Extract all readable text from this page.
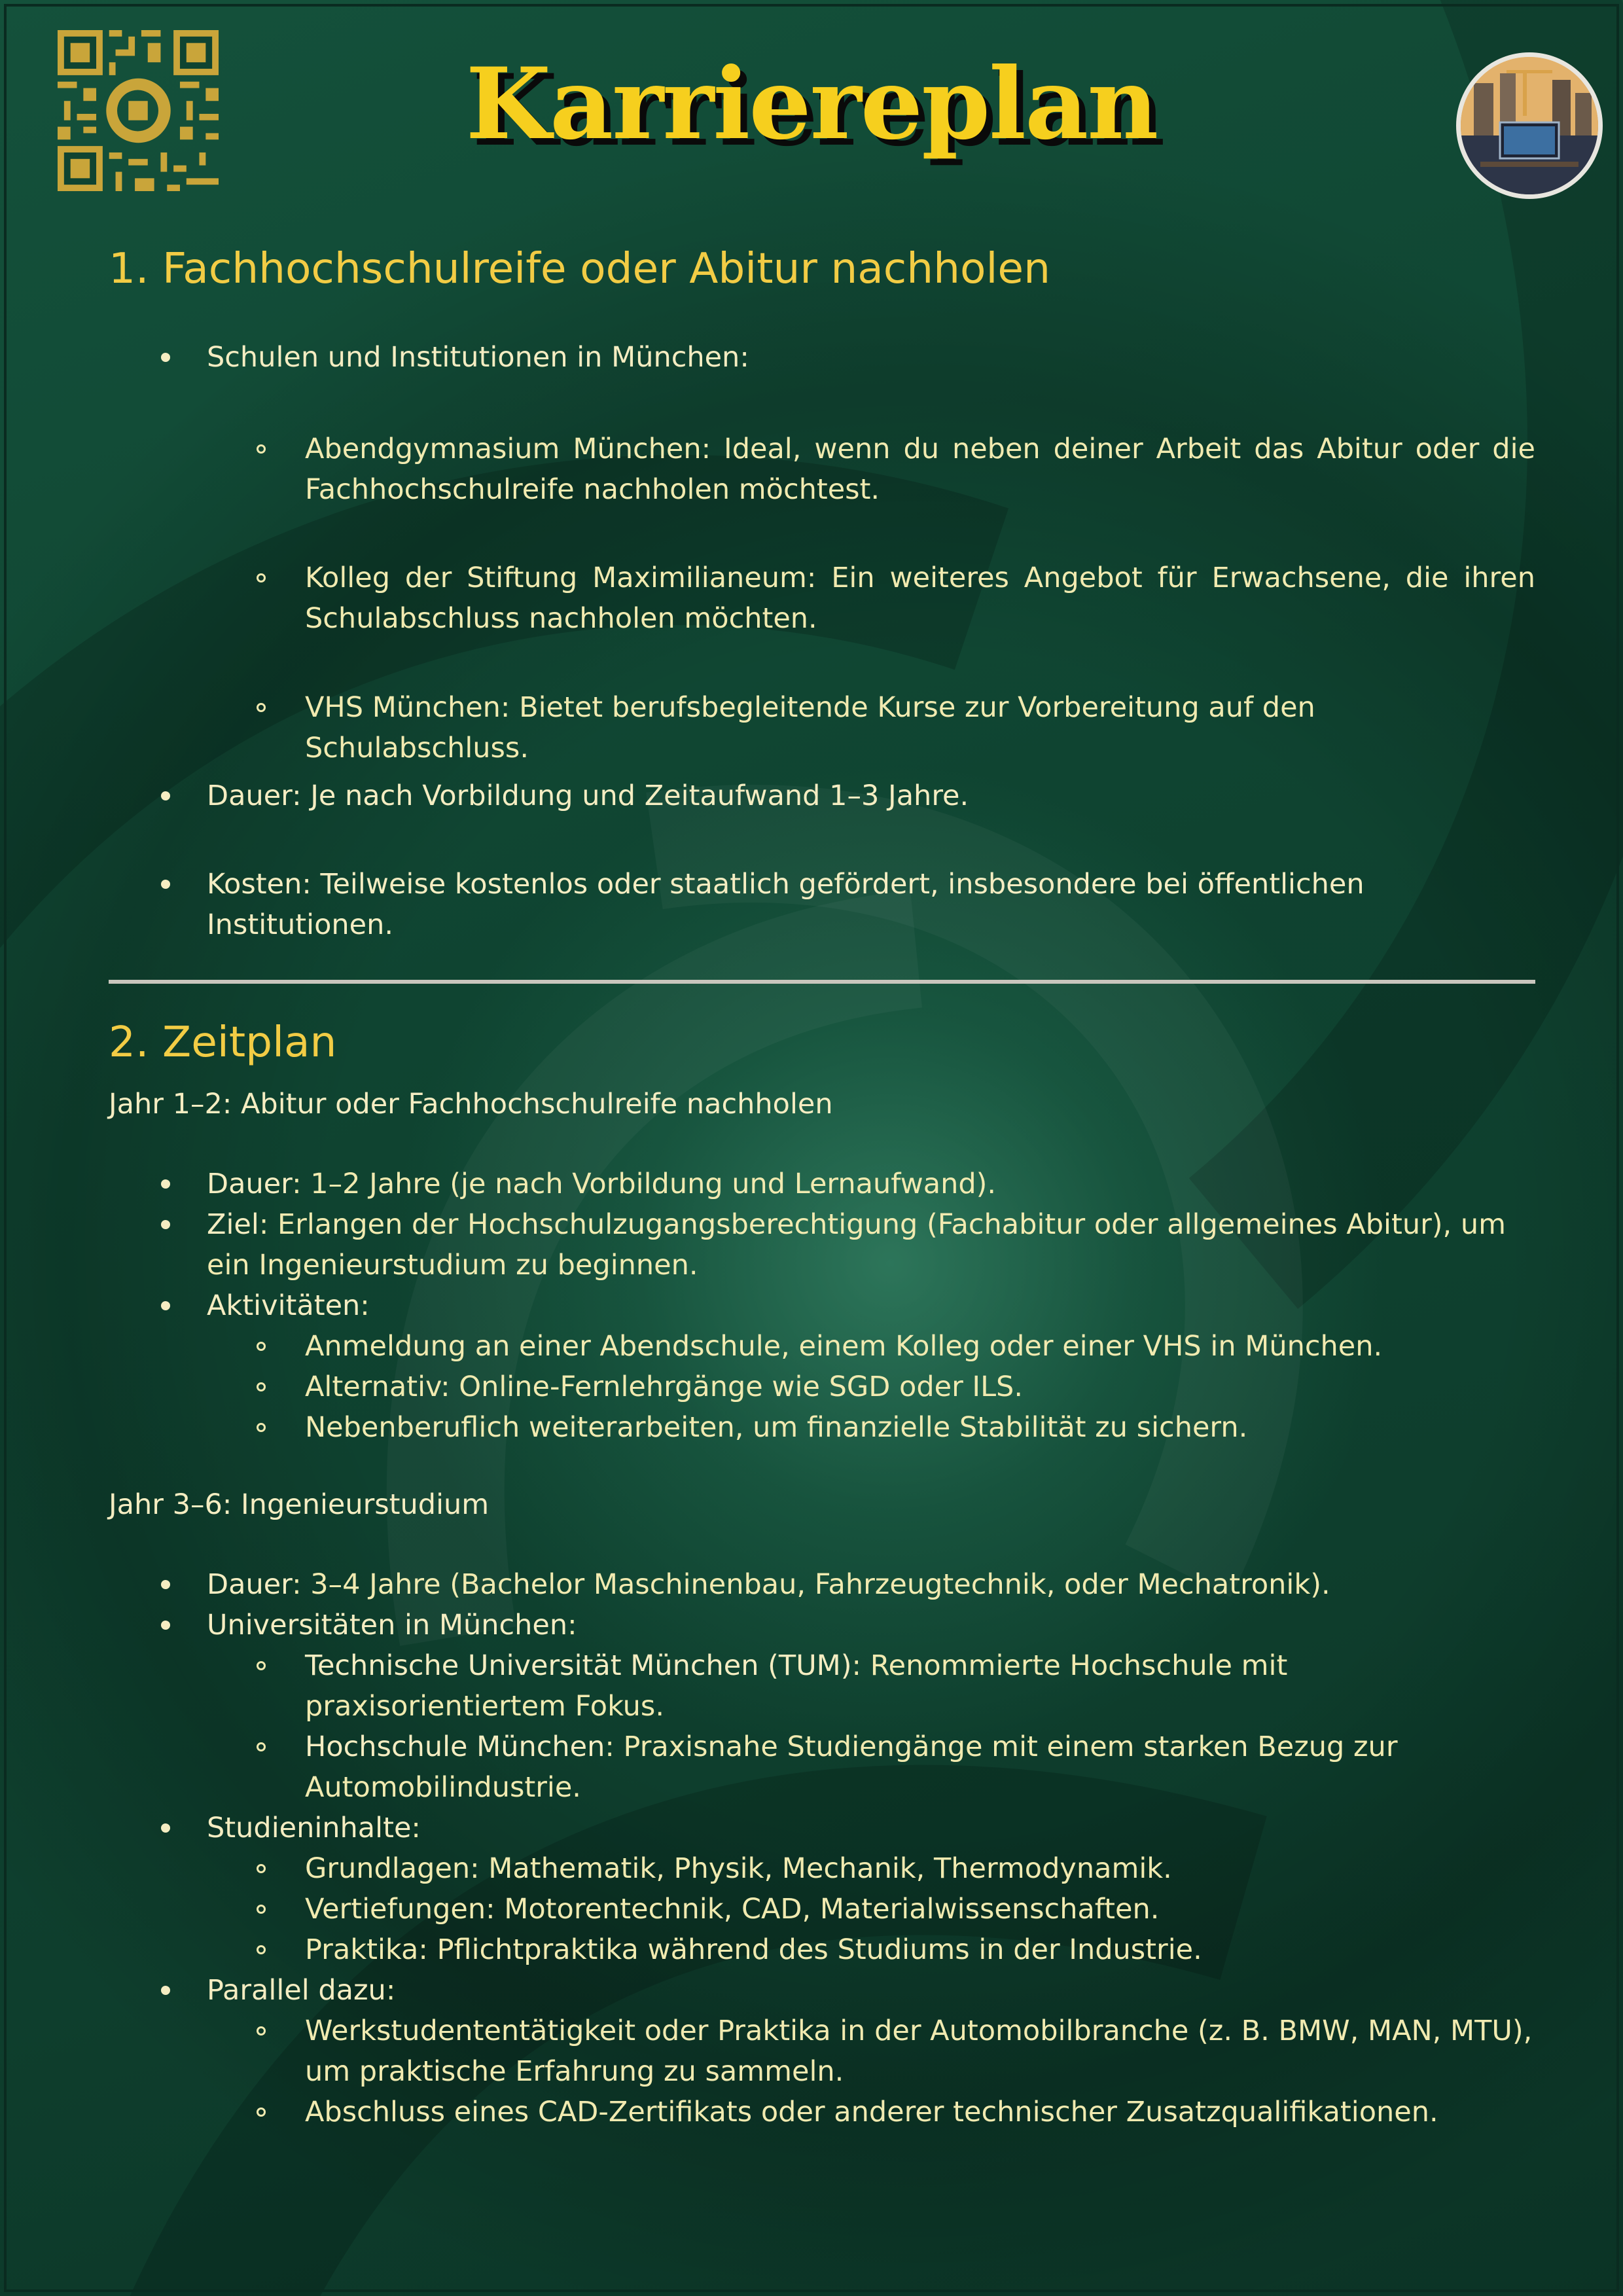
Karriereplan
1. Fachhochschulreife oder Abitur nachholen
Schulen und Institutionen in München:
Abendgymnasium München: Ideal, wenn du neben deiner Arbeit das Abitur oder die Fachhochschulreife nachholen möchtest.
Kolleg der Stiftung Maximilianeum: Ein weiteres Angebot für Erwachsene, die ihren Schulabschluss nachholen möchten.
VHS München: Bietet berufsbegleitende Kurse zur Vorbereitung auf den Schulabschluss.
Dauer: Je nach Vorbildung und Zeitaufwand 1–3 Jahre.
Kosten: Teilweise kostenlos oder staatlich gefördert, insbesondere bei öffentlichen Institutionen.
2. Zeitplan
Jahr 1–2: Abitur oder Fachhochschulreife nachholen
Dauer: 1–2 Jahre (je nach Vorbildung und Lernaufwand).
Ziel: Erlangen der Hochschulzugangsberechtigung (Fachabitur oder allgemeines Abitur), um ein Ingenieurstudium zu beginnen.
Aktivitäten:
Anmeldung an einer Abendschule, einem Kolleg oder einer VHS in München.
Alternativ: Online-Fernlehrgänge wie SGD oder ILS.
Nebenberuflich weiterarbeiten, um finanzielle Stabilität zu sichern.
Jahr 3–6: Ingenieurstudium
Dauer: 3–4 Jahre (Bachelor Maschinenbau, Fahrzeugtechnik, oder Mechatronik).
Universitäten in München:
Technische Universität München (TUM): Renommierte Hochschule mit praxisorientiertem Fokus.
Hochschule München: Praxisnahe Studiengänge mit einem starken Bezug zur Automobilindustrie.
Studieninhalte:
Grundlagen: Mathematik, Physik, Mechanik, Thermodynamik.
Vertiefungen: Motorentechnik, CAD, Materialwissenschaften.
Praktika: Pflichtpraktika während des Studiums in der Industrie.
Parallel dazu:
Werkstudententätigkeit oder Praktika in der Automobilbranche (z. B. BMW, MAN, MTU), um praktische Erfahrung zu sammeln.
Abschluss eines CAD-Zertifikats oder anderer technischer Zusatzqualifikationen.
